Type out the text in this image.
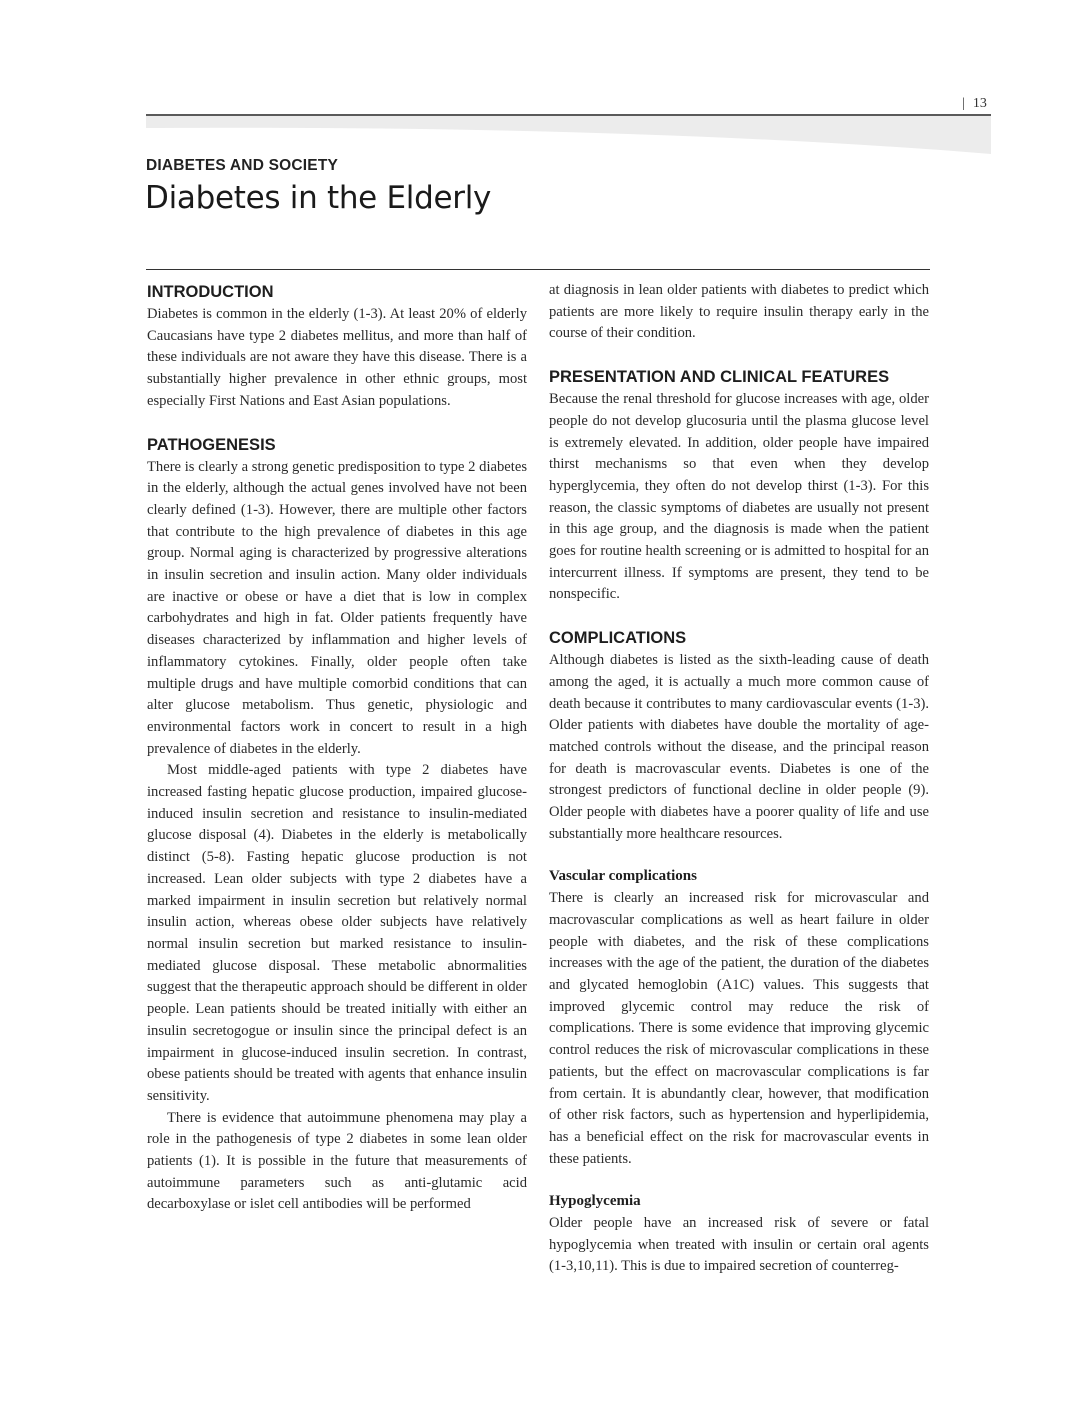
| 13
DIABETES AND SOCIETY
Diabetes in the Elderly
INTRODUCTION

Diabetes is common in the elderly (1-3). At least 20% of elderly Caucasians have type 2 diabetes mellitus, and more than half of these individuals are not aware they have this disease. There is a substantially higher prevalence in other ethnic groups, most especially First Nations and East Asian populations.

PATHOGENESIS

There is clearly a strong genetic predisposition to type 2 diabetes in the elderly, although the actual genes involved have not been clearly defined (1-3). However, there are multiple other factors that contribute to the high prevalence of diabetes in this age group. Normal aging is characterized by progressive alterations in insulin secretion and insulin action. Many older individuals are inactive or obese or have a diet that is low in complex carbohydrates and high in fat. Older patients frequently have diseases characterized by inflammation and higher levels of inflammatory cytokines. Finally, older people often take multiple drugs and have multiple comorbid conditions that can alter glucose metabolism. Thus genetic, physiologic and environmental factors work in concert to result in a high prevalence of diabetes in the elderly.

Most middle-aged patients with type 2 diabetes have increased fasting hepatic glucose production, impaired glucose-induced insulin secretion and resistance to insulin-mediated glucose disposal (4). Diabetes in the elderly is metabolically distinct (5-8). Fasting hepatic glucose production is not increased. Lean older subjects with type 2 diabetes have a marked impairment in insulin secretion but relatively normal insulin action, whereas obese older subjects have relatively normal insulin secretion but marked resistance to insulin-mediated glucose disposal. These metabolic abnormalities suggest that the therapeutic approach should be different in older people. Lean patients should be treated initially with either an insulin secretogogue or insulin since the principal defect is an impairment in glucose-induced insulin secretion. In contrast, obese patients should be treated with agents that enhance insulin sensitivity.

There is evidence that autoimmune phenomena may play a role in the pathogenesis of type 2 diabetes in some lean older patients (1). It is possible in the future that measurements of autoimmune parameters such as anti-glutamic acid decarboxylase or islet cell antibodies will be performed

at diagnosis in lean older patients with diabetes to predict which patients are more likely to require insulin therapy early in the course of their condition.

PRESENTATION AND CLINICAL FEATURES

Because the renal threshold for glucose increases with age, older people do not develop glucosuria until the plasma glucose level is extremely elevated. In addition, older people have impaired thirst mechanisms so that even when they develop hyperglycemia, they often do not develop thirst (1-3). For this reason, the classic symptoms of diabetes are usually not present in this age group, and the diagnosis is made when the patient goes for routine health screening or is admitted to hospital for an intercurrent illness. If symptoms are present, they tend to be nonspecific.

COMPLICATIONS

Although diabetes is listed as the sixth-leading cause of death among the aged, it is actually a much more common cause of death because it contributes to many cardiovascular events (1-3). Older patients with diabetes have double the mortality of age-matched controls without the disease, and the principal reason for death is macrovascular events. Diabetes is one of the strongest predictors of functional decline in older people (9). Older people with diabetes have a poorer quality of life and use substantially more healthcare resources.

Vascular complications

There is clearly an increased risk for microvascular and macrovascular complications as well as heart failure in older people with diabetes, and the risk of these complications increases with the age of the patient, the duration of the diabetes and glycated hemoglobin (A1C) values. This suggests that improved glycemic control may reduce the risk of complications. There is some evidence that improving glycemic control reduces the risk of microvascular complications in these patients, but the effect on macrovascular complications is far from certain. It is abundantly clear, however, that modification of other risk factors, such as hypertension and hyperlipidemia, has a beneficial effect on the risk for macrovascular events in these patients.

Hypoglycemia

Older people have an increased risk of severe or fatal hypoglycemia when treated with insulin or certain oral agents (1-3,10,11). This is due to impaired secretion of counterreg-
